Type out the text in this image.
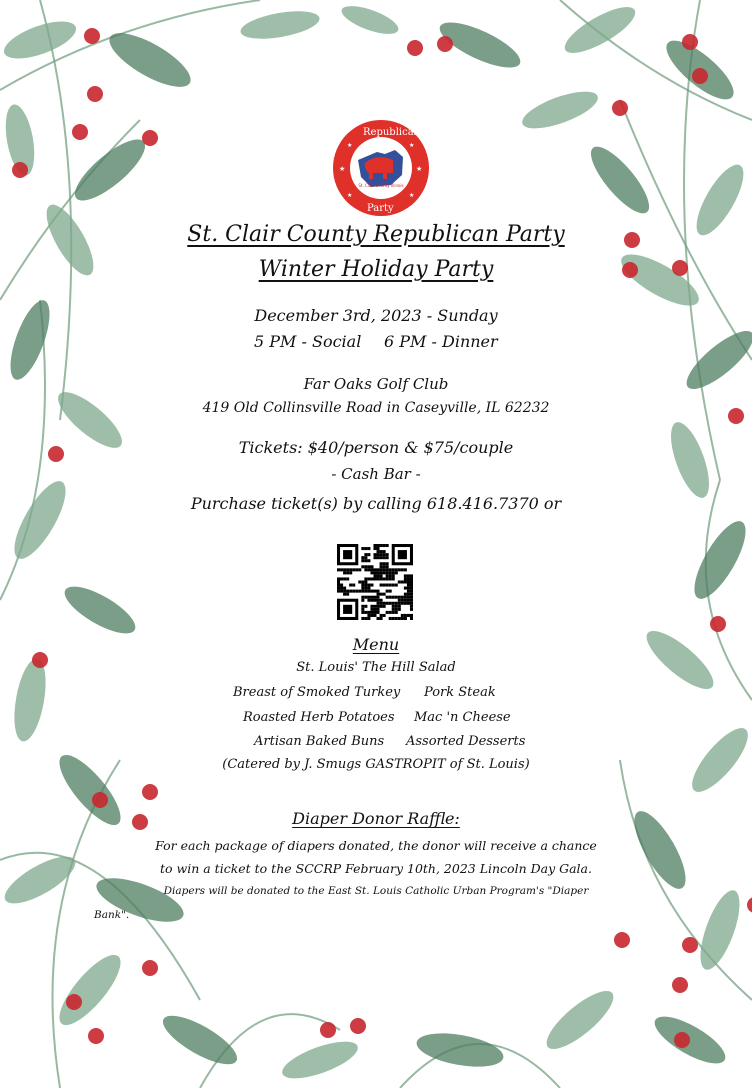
Republican
Party
St. Clair County Illinois
★	★
★	★
★	★
St. Clair County Republican Party
Winter Holiday Party
December 3rd, 2023 - Sunday
5 PM - Social 6 PM - Dinner
Far Oaks Golf Club
419 Old Collinsville Road in Caseyville, IL 62232
Tickets: $40/person & $75/couple
- Cash Bar -
Purchase ticket(s) by calling 618.416.7370 or
Menu
St. Louis' The Hill Salad
Breast of Smoked Turkey Pork Steak
Roasted Herb Potatoes Mac 'n Cheese
Artisan Baked Buns Assorted Desserts
(Catered by J. Smugs GASTROPIT of St. Louis)
Diaper Donor Raffle:
For each package of diapers donated, the donor will receive a chance
to win a ticket to the SCCRP February 10th, 2023 Lincoln Day Gala.
Diapers will be donated to the East St. Louis Catholic Urban Program's "Diaper
Bank".
